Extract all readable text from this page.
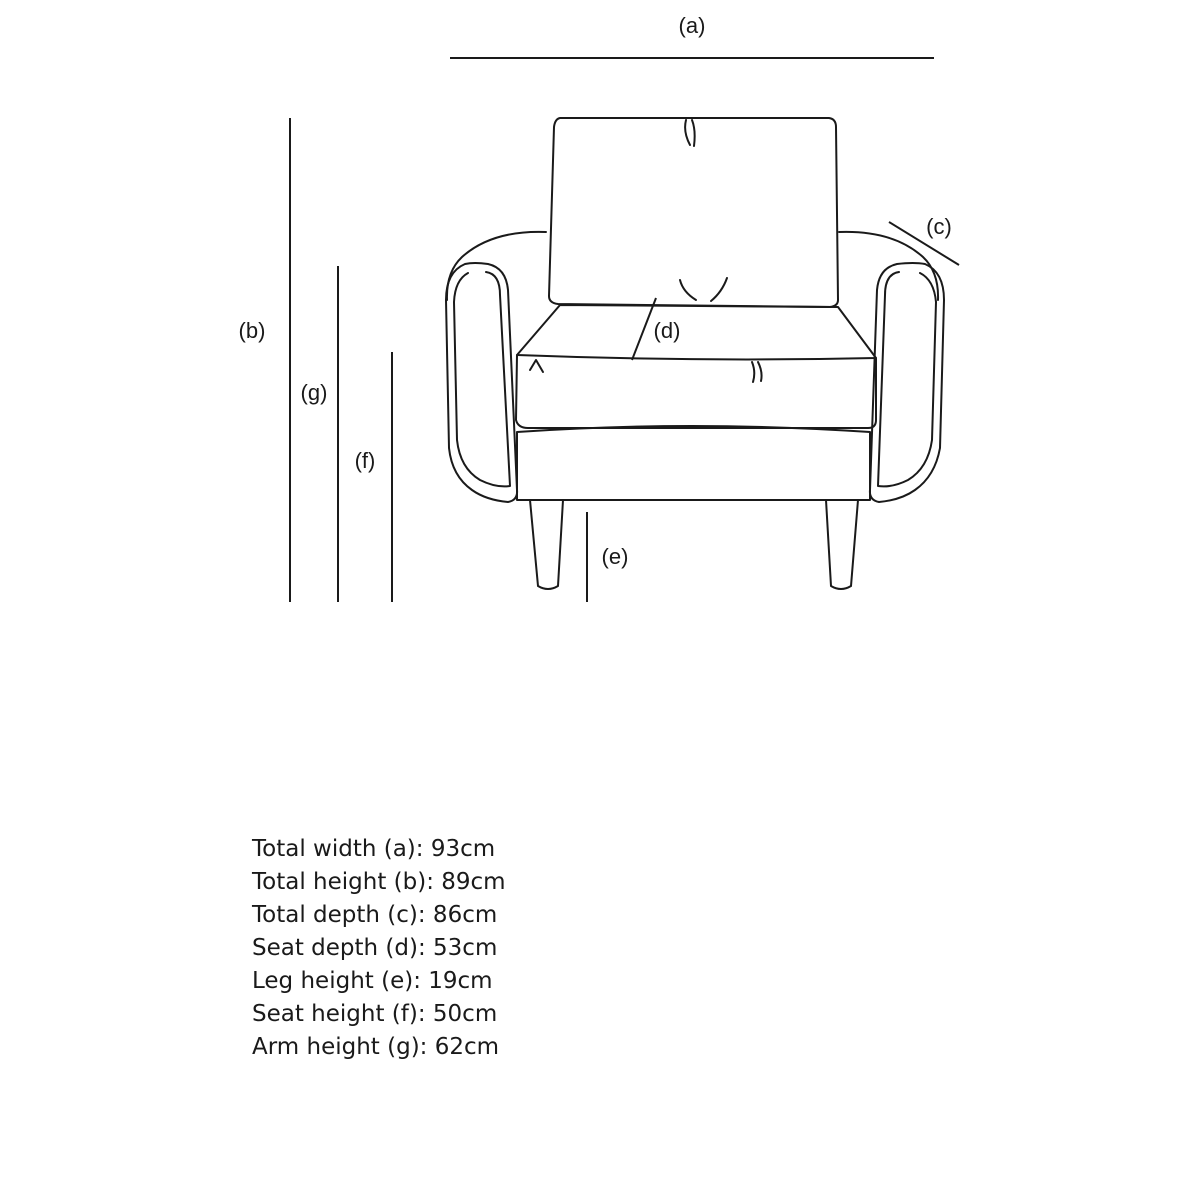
(a)
(b)
(g)
(f)
(e)
(c)
(d)
Total width (a): 93cm
Total height (b): 89cm
Total depth (c): 86cm
Seat depth (d): 53cm
Leg height (e): 19cm
Seat height (f): 50cm
Arm height (g): 62cm
